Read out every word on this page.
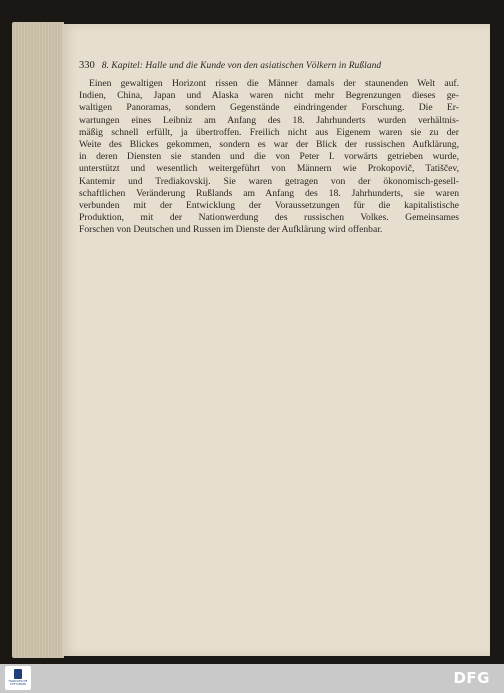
330 8. Kapitel: Halle und die Kunde von den asiatischen Völkern in Rußland
Einen gewaltigen Horizont rissen die Männer damals der staunenden Welt auf.
Indien, China, Japan und Alaska waren nicht mehr Begrenzungen dieses ge-
waltigen Panoramas, sondern Gegenstände eindringender Forschung. Die Er-
wartungen eines Leibniz am Anfang des 18. Jahrhunderts wurden verhältnis-
mäßig schnell erfüllt, ja übertroffen. Freilich nicht aus Eigenem waren sie zu der
Weite des Blickes gekommen, sondern es war der Blick der russischen Aufklärung,
in deren Diensten sie standen und die von Peter I. vorwärts getrieben wurde,
unterstützt und wesentlich weitergeführt von Männern wie Prokopovič, Tatiščev,
Kantemir und Trediakovskij. Sie waren getragen von der ökonomisch-gesell-
schaftlichen Veränderung Rußlands am Anfang des 18. Jahrhunderts, sie waren
verbunden mit der Entwicklung der Voraussetzungen für die kapitalistische
Produktion, mit der Nationwerdung des russischen Volkes. Gemeinsames
Forschen von Deutschen und Russen im Dienste der Aufklärung wird offenbar.
FRANCKESCHE STIFTUNGEN	DFG
